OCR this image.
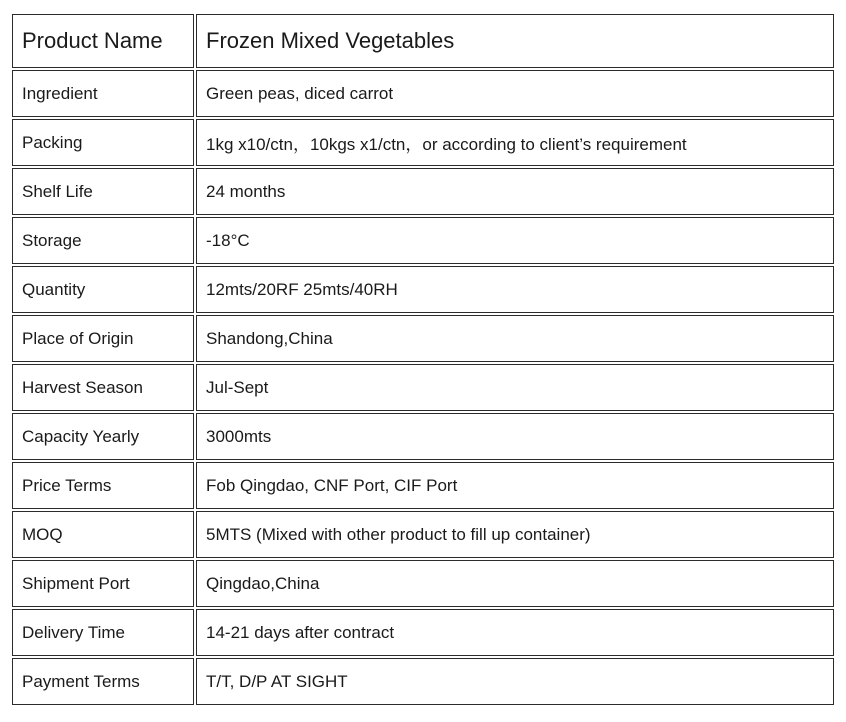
Product Name	Frozen Mixed Vegetables
Ingredient	Green peas, diced carrot
Packing	1kg x10/ctn，10kgs x1/ctn，or according to client’s requirement
Shelf Life	24 months
Storage	-18°C
Quantity	12mts/20RF 25mts/40RH
Place of Origin	Shandong,China
Harvest Season	Jul-Sept
Capacity Yearly	3000mts
Price Terms	Fob Qingdao, CNF Port, CIF Port
MOQ	5MTS (Mixed with other product to fill up container)
Shipment Port	Qingdao,China
Delivery Time	14-21 days after contract
Payment Terms	T/T, D/P AT SIGHT
